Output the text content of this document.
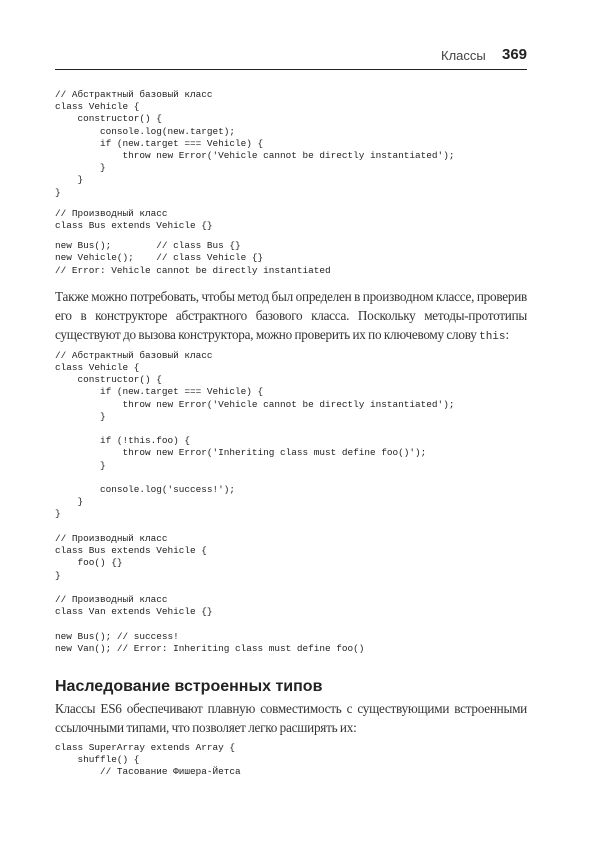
Классы 369
// Абстрактный базовый класс
class Vehicle {
constructor() {
console.log(new.target);
if (new.target === Vehicle) {
throw new Error('Vehicle cannot be directly instantiated');
}
}
}
// Производный класс
class Bus extends Vehicle {}
new Bus();        // class Bus {}
new Vehicle();    // class Vehicle {}
// Error: Vehicle cannot be directly instantiated

Также можно потребовать, чтобы метод был определен в производном классе, проверив его в конструкторе абстрактного базового класса. Поскольку методы-прототипы существуют до вызова конструктора, можно проверить их по ключевому слову this:

// Абстрактный базовый класс
class Vehicle {
constructor() {
if (new.target === Vehicle) {
throw new Error('Vehicle cannot be directly instantiated');
}

if (!this.foo) {
throw new Error('Inheriting class must define foo()');
}

console.log('success!');
}
}

// Производный класс
class Bus extends Vehicle {
foo() {}
}

// Производный класс
class Van extends Vehicle {}

new Bus(); // success!
new Van(); // Error: Inheriting class must define foo()
Наследование встроенных типов

Классы ES6 обеспечивают плавную совместимость с существующими встроенными ссылочными типами, что позволяет легко расширять их:

class SuperArray extends Array {
shuffle() {
// Тасование Фишера-Йетса
